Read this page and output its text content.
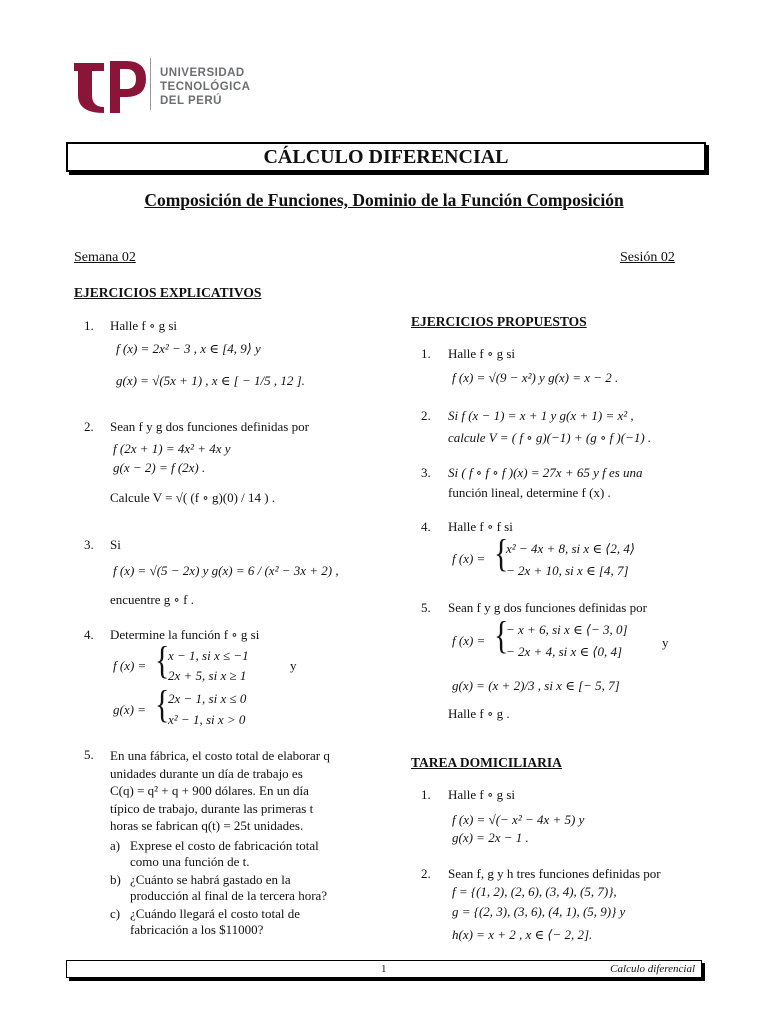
UNIVERSIDAD
TECNOLÓGICA
DEL PERÚ
CÁLCULO DIFERENCIAL
Composición de Funciones, Dominio de la Función Composición
Semana 02	Sesión 02
EJERCICIOS EXPLICATIVOS
1. Halle f ∘ g si
f (x) = 2x² − 3 , x ∈ [4, 9⟩ y
g(x) = √(5x + 1) , x ∈ [ − 1/5 , 12 ].
2. Sean f y g dos funciones definidas por
f (2x + 1) = 4x² + 4x y
g(x − 2) = f (2x) .
Calcule V = √( (f ∘ g)(0) / 14 ) .
3. Si
f (x) = √(5 − 2x) y g(x) = 6 / (x² − 3x + 2) ,
encuentre g ∘ f .
4. Determine la función f ∘ g si
f (x) = {
x − 1, si x ≤ −1
2x + 5, si x ≥ 1
y
g(x) = {
2x − 1, si x ≤ 0
x² − 1, si x > 0
5. En una fábrica, el costo total de elaborar q
unidades durante un día de trabajo es
C(q) = q² + q + 900 dólares. En un día
típico de trabajo, durante las primeras t
horas se fabrican q(t) = 25t unidades.
a) Exprese el costo de fabricación total
como una función de t.
b) ¿Cuánto se habrá gastado en la
producción al final de la tercera hora?
c) ¿Cuándo llegará el costo total de
fabricación a los $11000?
EJERCICIOS PROPUESTOS
1. Halle f ∘ g si
f (x) = √(9 − x²) y g(x) = x − 2 .
2. Si f (x − 1) = x + 1 y g(x + 1) = x² ,
calcule V = ( f ∘ g)(−1) + (g ∘ f )(−1) .
3. Si ( f ∘ f ∘ f )(x) = 27x + 65 y f es una
función lineal, determine f (x) .
4. Halle f ∘ f si
f (x) = {
x² − 4x + 8, si x ∈ ⟨2, 4⟩
− 2x + 10, si x ∈ [4, 7]
5. Sean f y g dos funciones definidas por
f (x) = {
− x + 6, si x ∈ ⟨− 3, 0]
− 2x + 4, si x ∈ ⟨0, 4]
y
g(x) = (x + 2)/3 , si x ∈ [− 5, 7]
Halle f ∘ g .
TAREA DOMICILIARIA
1. Halle f ∘ g si
f (x) = √(− x² − 4x + 5) y
g(x) = 2x − 1 .
2. Sean f, g y h tres funciones definidas por
f = {(1, 2), (2, 6), (3, 4), (5, 7)},
g = {(2, 3), (3, 6), (4, 1), (5, 9)} y
h(x) = x + 2 , x ∈ ⟨− 2, 2].
1	Calculo diferencial
